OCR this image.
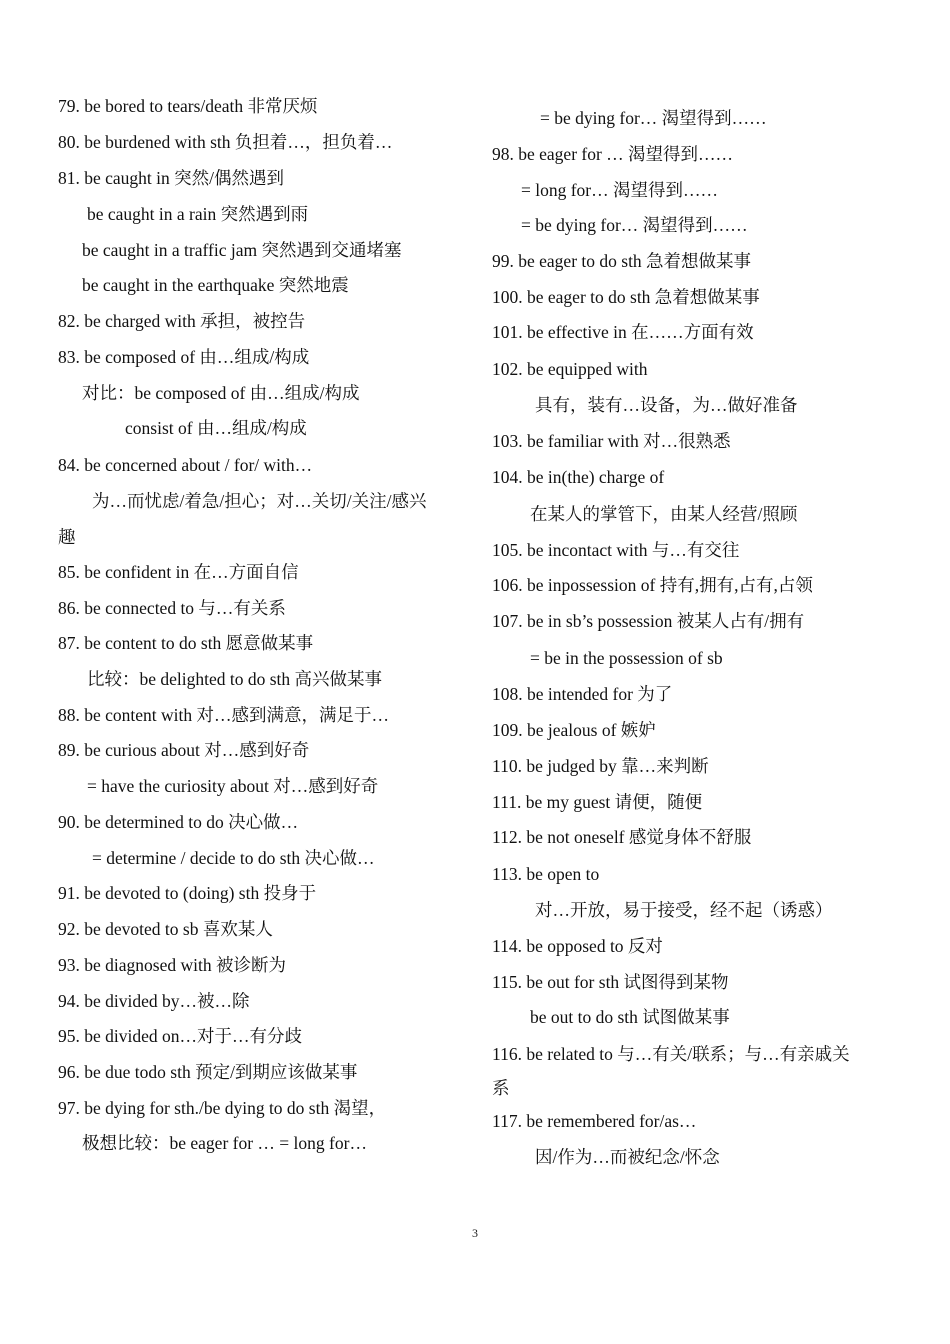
79. be bored to tears/death 非常厌烦
80. be burdened with sth 负担着…，担负着…
81. be caught in 突然/偶然遇到
be caught in a rain 突然遇到雨
be caught in a traffic jam 突然遇到交通堵塞
be caught in the earthquake 突然地震
82. be charged with 承担，被控告
83. be composed of 由…组成/构成
对比：be composed of 由…组成/构成
consist of 由…组成/构成
84. be concerned about / for/ with…
为…而忧虑/着急/担心；对…关切/关注/感兴
趣
85. be confident in 在…方面自信
86. be connected to 与…有关系
87. be content to do sth 愿意做某事
比较：be delighted to do sth 高兴做某事
88. be content with 对…感到满意，满足于…
89. be curious about 对…感到好奇
= have the curiosity about 对…感到好奇
90. be determined to do 决心做…
= determine / decide to do sth 决心做…
91. be devoted to (doing) sth 投身于
92. be devoted to sb 喜欢某人
93. be diagnosed with 被诊断为
94. be divided by…被…除
95. be divided on…对于…有分歧
96. be due todo sth 预定/到期应该做某事
97. be dying for sth./be dying to do sth 渴望，
极想比较：be eager for … = long for…
= be dying for… 渴望得到……
98. be eager for … 渴望得到……
= long for… 渴望得到……
= be dying for… 渴望得到……
99. be eager to do sth 急着想做某事
100. be eager to do sth 急着想做某事
101. be effective in 在……方面有效
102. be equipped with
具有，装有…设备，为…做好准备
103. be familiar with 对…很熟悉
104. be in(the) charge of
在某人的掌管下，由某人经营/照顾
105. be incontact with 与…有交往
106. be inpossession of 持有,拥有,占有,占领
107. be in sb’s possession 被某人占有/拥有
= be in the possession of sb
108. be intended for 为了
109. be jealous of 嫉妒
110. be judged by 靠…来判断
111. be my guest 请便，随便
112. be not oneself 感觉身体不舒服
113. be open to
对…开放，易于接受，经不起（诱惑）
114. be opposed to 反对
115. be out for sth 试图得到某物
be out to do sth 试图做某事
116. be related to 与…有关/联系；与…有亲戚关
系
117. be remembered for/as…
因/作为…而被纪念/怀念
3
